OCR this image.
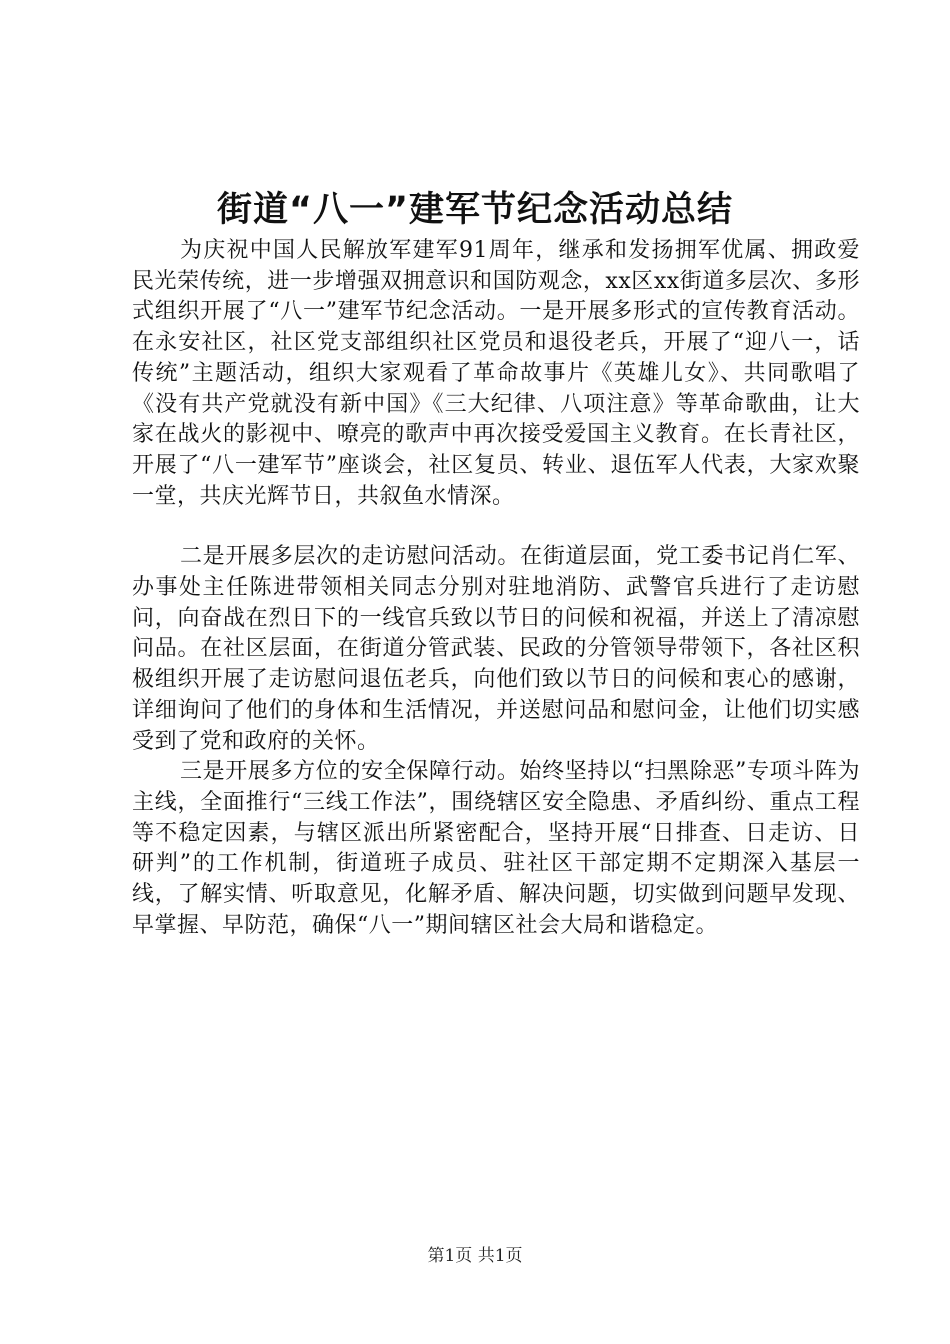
街道“八一”建军节纪念活动总结

为庆祝中国人民解放军建军91周年，继承和发扬拥军优属、拥政爱民光荣传统，进一步增强双拥意识和国防观念，xx区xx街道多层次、多形式组织开展了“八一”建军节纪念活动。一是开展多形式的宣传教育活动。在永安社区，社区党支部组织社区党员和退役老兵，开展了“迎八一，话传统”主题活动，组织大家观看了革命故事片《英雄儿女》、共同歌唱了《没有共产党就没有新中国》《三大纪律、八项注意》等革命歌曲，让大家在战火的影视中、嘹亮的歌声中再次接受爱国主义教育。在长青社区，开展了“八一建军节”座谈会，社区复员、转业、退伍军人代表，大家欢聚一堂，共庆光辉节日，共叙鱼水情深。

二是开展多层次的走访慰问活动。在街道层面，党工委书记肖仁军、办事处主任陈进带领相关同志分别对驻地消防、武警官兵进行了走访慰问，向奋战在烈日下的一线官兵致以节日的问候和祝福，并送上了清凉慰问品。在社区层面，在街道分管武装、民政的分管领导带领下，各社区积极组织开展了走访慰问退伍老兵，向他们致以节日的问候和衷心的感谢，详细询问了他们的身体和生活情况，并送慰问品和慰问金，让他们切实感受到了党和政府的关怀。

三是开展多方位的安全保障行动。始终坚持以“扫黑除恶”专项斗阵为主线，全面推行“三线工作法”，围绕辖区安全隐患、矛盾纠纷、重点工程等不稳定因素，与辖区派出所紧密配合，坚持开展“日排查、日走访、日研判”的工作机制，街道班子成员、驻社区干部定期不定期深入基层一线，了解实情、听取意见，化解矛盾、解决问题，切实做到问题早发现、早掌握、早防范，确保“八一”期间辖区社会大局和谐稳定。

第1页 共1页
